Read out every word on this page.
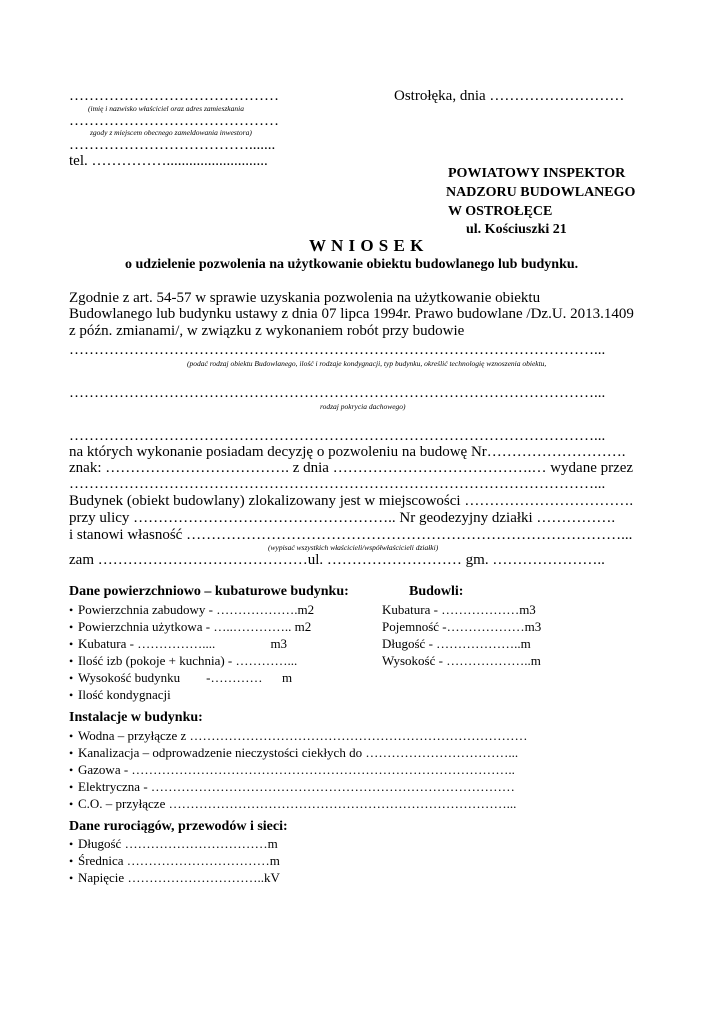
……………………………………
(imię i nazwisko właściciel oraz adres zamieszkania
……………………………………
zgody z miejscem obecnego zameldowania inwestora)
……………………………….......
tel. ……………...........................
Ostrołęka, dnia ………………………
POWIATOWY INSPEKTOR
NADZORU BUDOWLANEGO
W OSTROŁĘCE
ul. Kościuszki 21
W N I O S E K
o udzielenie pozwolenia na użytkowanie obiektu budowlanego lub budynku.
Zgodnie z art. 54-57 w sprawie uzyskania pozwolenia na użytkowanie obiektu
Budowlanego lub budynku ustawy z dnia 07 lipca 1994r. Prawo budowlane /Dz.U. 2013.1409
z późn. zmianami/, w związku z wykonaniem robót przy budowie
……………………………………………………………………………………………...
(podać rodzaj obiektu Budowlanego, ilość i rodzaje kondygnacji, typ budynku, określić technologię wznoszenia obiektu,
……………………………………………………………………………………………...
rodzaj pokrycia dachowego)
……………………………………………………………………………………………...
na których wykonanie posiadam decyzję o pozwoleniu na budowę Nr……………………….
znak: ………………………………. z dnia ………………………………….… wydane przez
……………………………………………………………………………………………...
Budynek (obiekt budowlany) zlokalizowany jest w miejscowości …………………………….
przy ulicy …………………………………………….. Nr geodezyjny działki …………….
i stanowi własność ……………………………………………………………………………...
(wypisać wszystkich właścicieli/współwłaścicieli działki)
zam ……………………………………ul. ……………………… gm. …………………..
Dane powierzchniowo – kubaturowe budynku:
• Powierzchnia zabudowy - ……………….m2
• Powierzchnia użytkowa - …..………….. m2
• Kubatura - ……………....                 m3
• Ilość izb (pokoje + kuchnia) - …………...
• Wysokość budynku        -…………      m
• Ilość kondygnacji
Budowli:
Kubatura - ………………m3
Pojemność -………………m3
Długość - ………………..m
Wysokość - ………………..m
Instalacje w budynku:
• Wodna – przyłącze z ……………………………………………………………………
• Kanalizacja – odprowadzenie nieczystości ciekłych do ……………………………...
• Gazowa - ……………………………………………………………………………..
• Elektryczna - …………………………………………………………………………
• C.O. – przyłącze ……………………………………………………………………...
Dane rurociągów, przewodów i sieci:
• Długość ……………………………m
• Średnica ……………………………m
• Napięcie …………………………..kV
